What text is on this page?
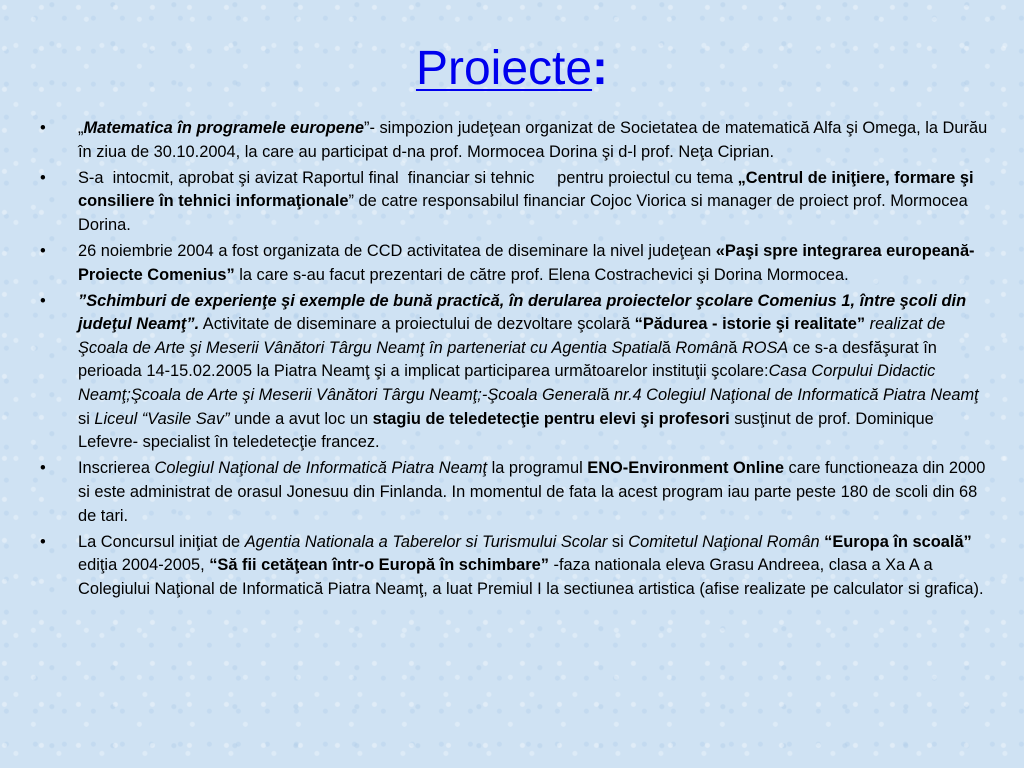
Proiecte:
• „Matematica în programele europene”- simpozion judeţean organizat de Societatea de matematică Alfa şi Omega, la Durău în ziua de 30.10.2004, la care au participat d-na prof. Mormocea Dorina şi d-l prof. Neţa Ciprian.
• S-a  intocmit, aprobat şi avizat Raportul final  financiar si tehnic     pentru proiectul cu tema „Centrul de iniţiere, formare şi consiliere în tehnici informaţionale” de catre responsabilul financiar Cojoc Viorica si manager de proiect prof. Mormocea Dorina.
• 26 noiembrie 2004 a fost organizata de CCD activitatea de diseminare la nivel judeţean «Paşi spre integrarea europeană-Proiecte Comenius” la care s-au facut prezentari de către prof. Elena Costrachevici şi Dorina Mormocea.
• ”Schimburi de experienţe şi exemple de bună practică, în derularea proiectelor şcolare Comenius 1, între şcoli din judeţul Neamţ”. Activitate de diseminare a proiectului de dezvoltare şcolară “Pădurea - istorie şi realitate” realizat de Şcoala de Arte şi Meserii Vânători Târgu Neamţ în parteneriat cu Agentia Spatială Română ROSA ce s-a desfăşurat în perioada 14-15.02.2005 la Piatra Neamţ şi a implicat participarea următoarelor instituţii şcolare:Casa Corpului Didactic Neamţ;Şcoala de Arte şi Meserii Vânători Târgu Neamţ;-Şcoala Generală nr.4 Colegiul Naţional de Informatică Piatra Neamţ si Liceul “Vasile Sav” unde a avut loc un stagiu de teledetecţie pentru elevi şi profesori susţinut de prof. Dominique Lefevre- specialist în teledetecţie francez.
• Inscrierea Colegiul Naţional de Informatică Piatra Neamţ la programul ENO-Environment Online care functioneaza din 2000 si este administrat de orasul Jonesuu din Finlanda. In momentul de fata la acest program iau parte peste 180 de scoli din 68 de tari.
• La Concursul iniţiat de Agentia Nationala a Taberelor si Turismului Scolar si Comitetul Naţional Român “Europa în scoală” ediţia 2004-2005, “Să fii cetăţean într-o Europă în schimbare” -faza nationala eleva Grasu Andreea, clasa a Xa A a Colegiului Naţional de Informatică Piatra Neamţ, a luat Premiul I la sectiunea artistica (afise realizate pe calculator si grafica).
